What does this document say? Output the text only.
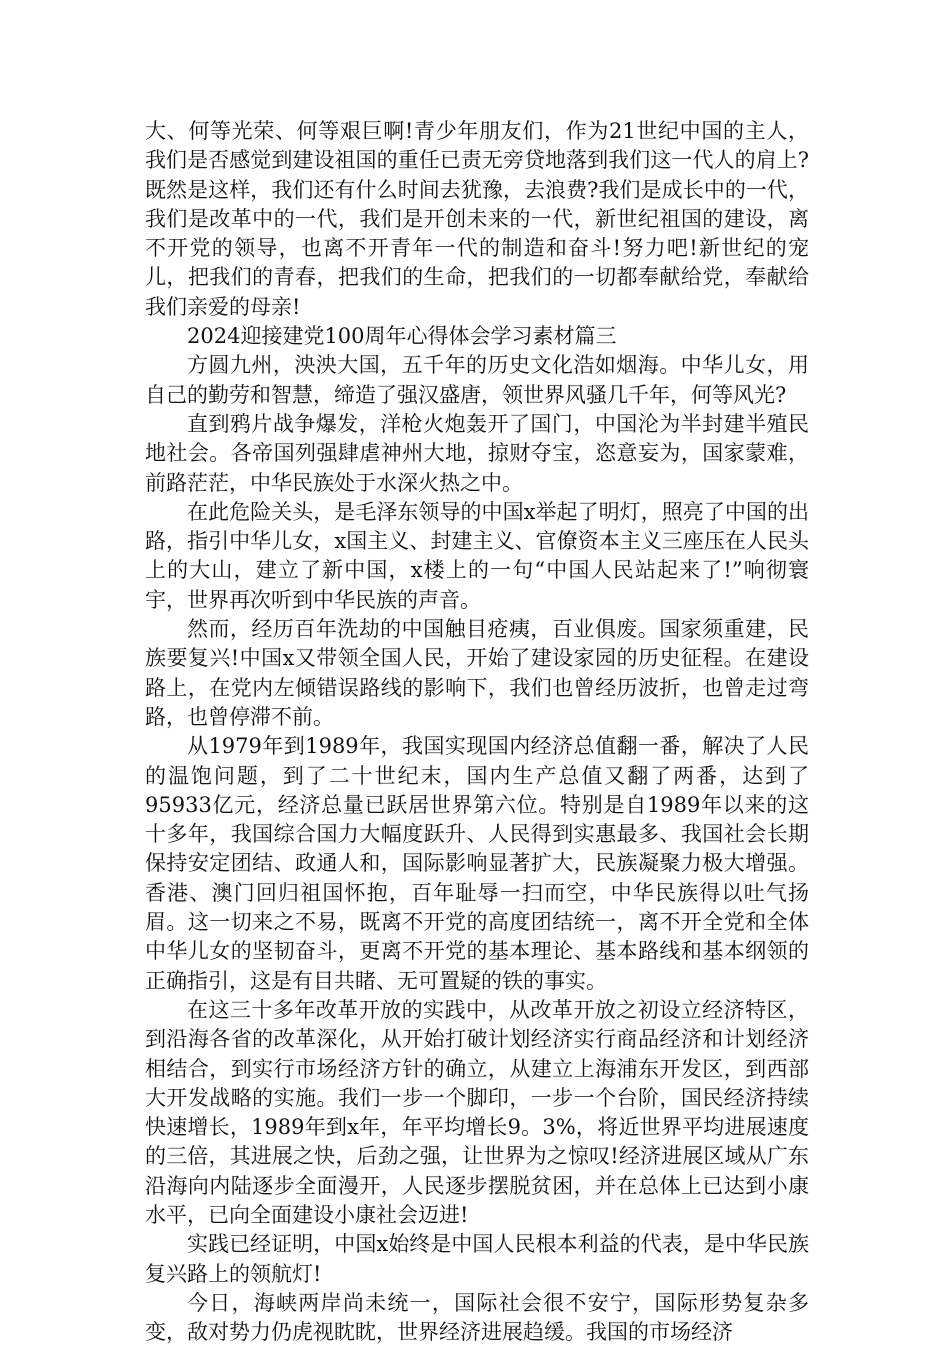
大、何等光荣、何等艰巨啊!青少年朋友们，作为21世纪中国的主人，我们是否感觉到建设祖国的重任已责无旁贷地落到我们这一代人的肩上?既然是这样，我们还有什么时间去犹豫，去浪费?我们是成长中的一代，我们是改革中的一代，我们是开创未来的一代，新世纪祖国的建设，离不开党的领导，也离不开青年一代的制造和奋斗!努力吧!新世纪的宠儿，把我们的青春，把我们的生命，把我们的一切都奉献给党，奉献给我们亲爱的母亲!

2024迎接建党100周年心得体会学习素材篇三

方圆九州，泱泱大国，五千年的历史文化浩如烟海。中华儿女，用自己的勤劳和智慧，缔造了强汉盛唐，领世界风骚几千年，何等风光?

直到鸦片战争爆发，洋枪火炮轰开了国门，中国沦为半封建半殖民地社会。各帝国列强肆虐神州大地，掠财夺宝，恣意妄为，国家蒙难，前路茫茫，中华民族处于水深火热之中。

在此危险关头，是毛泽东领导的中国x举起了明灯，照亮了中国的出路，指引中华儿女，x国主义、封建主义、官僚资本主义三座压在人民头上的大山，建立了新中国，x楼上的一句“中国人民站起来了!”响彻寰宇，世界再次听到中华民族的声音。

然而，经历百年洗劫的中国触目疮痍，百业俱废。国家须重建，民族要复兴!中国x又带领全国人民，开始了建设家园的历史征程。在建设路上，在党内左倾错误路线的影响下，我们也曾经历波折，也曾走过弯路，也曾停滞不前。

从1979年到1989年，我国实现国内经济总值翻一番，解决了人民的温饱问题，到了二十世纪末，国内生产总值又翻了两番，达到了95933亿元，经济总量已跃居世界第六位。特别是自1989年以来的这十多年，我国综合国力大幅度跃升、人民得到实惠最多、我国社会长期保持安定团结、政通人和，国际影响显著扩大，民族凝聚力极大增强。香港、澳门回归祖国怀抱，百年耻辱一扫而空，中华民族得以吐气扬眉。这一切来之不易，既离不开党的高度团结统一，离不开全党和全体中华儿女的坚韧奋斗，更离不开党的基本理论、基本路线和基本纲领的正确指引，这是有目共睹、无可置疑的铁的事实。

在这三十多年改革开放的实践中，从改革开放之初设立经济特区，到沿海各省的改革深化，从开始打破计划经济实行商品经济和计划经济相结合，到实行市场经济方针的确立，从建立上海浦东开发区，到西部大开发战略的实施。我们一步一个脚印，一步一个台阶，国民经济持续快速增长，1989年到x年，年平均增长9。3%，将近世界平均进展速度的三倍，其进展之快，后劲之强，让世界为之惊叹!经济进展区域从广东沿海向内陆逐步全面漫开，人民逐步摆脱贫困，并在总体上已达到小康水平，已向全面建设小康社会迈进!

实践已经证明，中国x始终是中国人民根本利益的代表，是中华民族复兴路上的领航灯!

今日，海峡两岸尚未统一，国际社会很不安宁，国际形势复杂多变，敌对势力仍虎视眈眈，世界经济进展趋缓。我国的市场经济
